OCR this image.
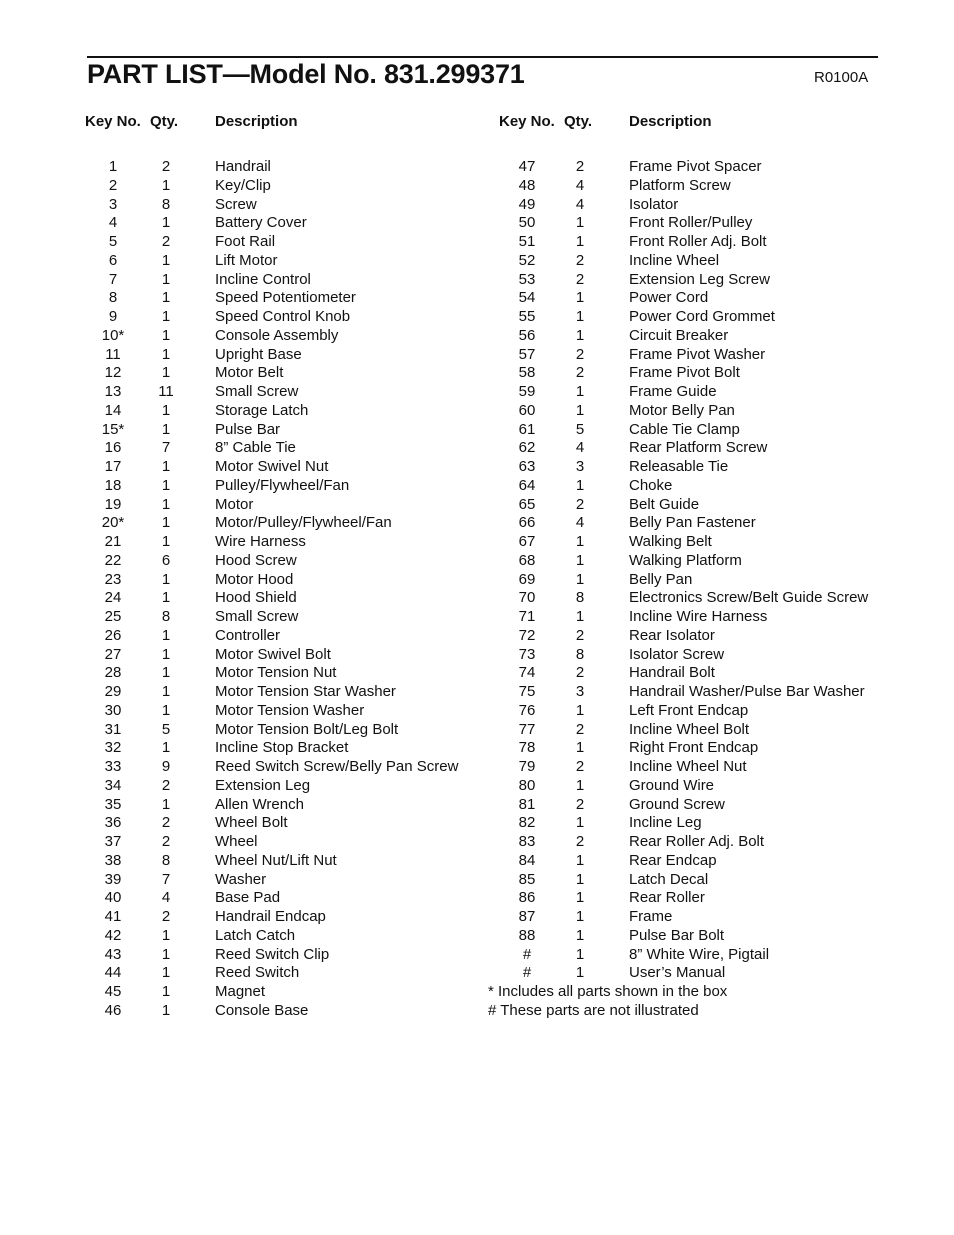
PART LIST—Model No. 831.299371	R0100A
Key No. Qty. Description
1	2	Handrail
2	1	Key/Clip
3	8	Screw
4	1	Battery Cover
5	2	Foot Rail
6	1	Lift Motor
7	1	Incline Control
8	1	Speed Potentiometer
9	1	Speed Control Knob
10*	1	Console Assembly
11	1	Upright Base
12	1	Motor Belt
13	11	Small Screw
14	1	Storage Latch
15*	1	Pulse Bar
16	7	8” Cable Tie
17	1	Motor Swivel Nut
18	1	Pulley/Flywheel/Fan
19	1	Motor
20*	1	Motor/Pulley/Flywheel/Fan
21	1	Wire Harness
22	6	Hood Screw
23	1	Motor Hood
24	1	Hood Shield
25	8	Small Screw
26	1	Controller
27	1	Motor Swivel Bolt
28	1	Motor Tension Nut
29	1	Motor Tension Star Washer
30	1	Motor Tension Washer
31	5	Motor Tension Bolt/Leg Bolt
32	1	Incline Stop Bracket
33	9	Reed Switch Screw/Belly Pan Screw
34	2	Extension Leg
35	1	Allen Wrench
36	2	Wheel Bolt
37	2	Wheel
38	8	Wheel Nut/Lift Nut
39	7	Washer
40	4	Base Pad
41	2	Handrail Endcap
42	1	Latch Catch
43	1	Reed Switch Clip
44	1	Reed Switch
45	1	Magnet
46	1	Console Base
Key No. Qty. Description
47	2	Frame Pivot Spacer
48	4	Platform Screw
49	4	Isolator
50	1	Front Roller/Pulley
51	1	Front Roller Adj. Bolt
52	2	Incline Wheel
53	2	Extension Leg Screw
54	1	Power Cord
55	1	Power Cord Grommet
56	1	Circuit Breaker
57	2	Frame Pivot Washer
58	2	Frame Pivot Bolt
59	1	Frame Guide
60	1	Motor Belly Pan
61	5	Cable Tie Clamp
62	4	Rear Platform Screw
63	3	Releasable Tie
64	1	Choke
65	2	Belt Guide
66	4	Belly Pan Fastener
67	1	Walking Belt
68	1	Walking Platform
69	1	Belly Pan
70	8	Electronics Screw/Belt Guide Screw
71	1	Incline Wire Harness
72	2	Rear Isolator
73	8	Isolator Screw
74	2	Handrail Bolt
75	3	Handrail Washer/Pulse Bar Washer
76	1	Left Front Endcap
77	2	Incline Wheel Bolt
78	1	Right Front Endcap
79	2	Incline Wheel Nut
80	1	Ground Wire
81	2	Ground Screw
82	1	Incline Leg
83	2	Rear Roller Adj. Bolt
84	1	Rear Endcap
85	1	Latch Decal
86	1	Rear Roller
87	1	Frame
88	1	Pulse Bar Bolt
#	1	8” White Wire, Pigtail
#	1	User’s Manual
* Includes all parts shown in the box
# These parts are not illustrated
